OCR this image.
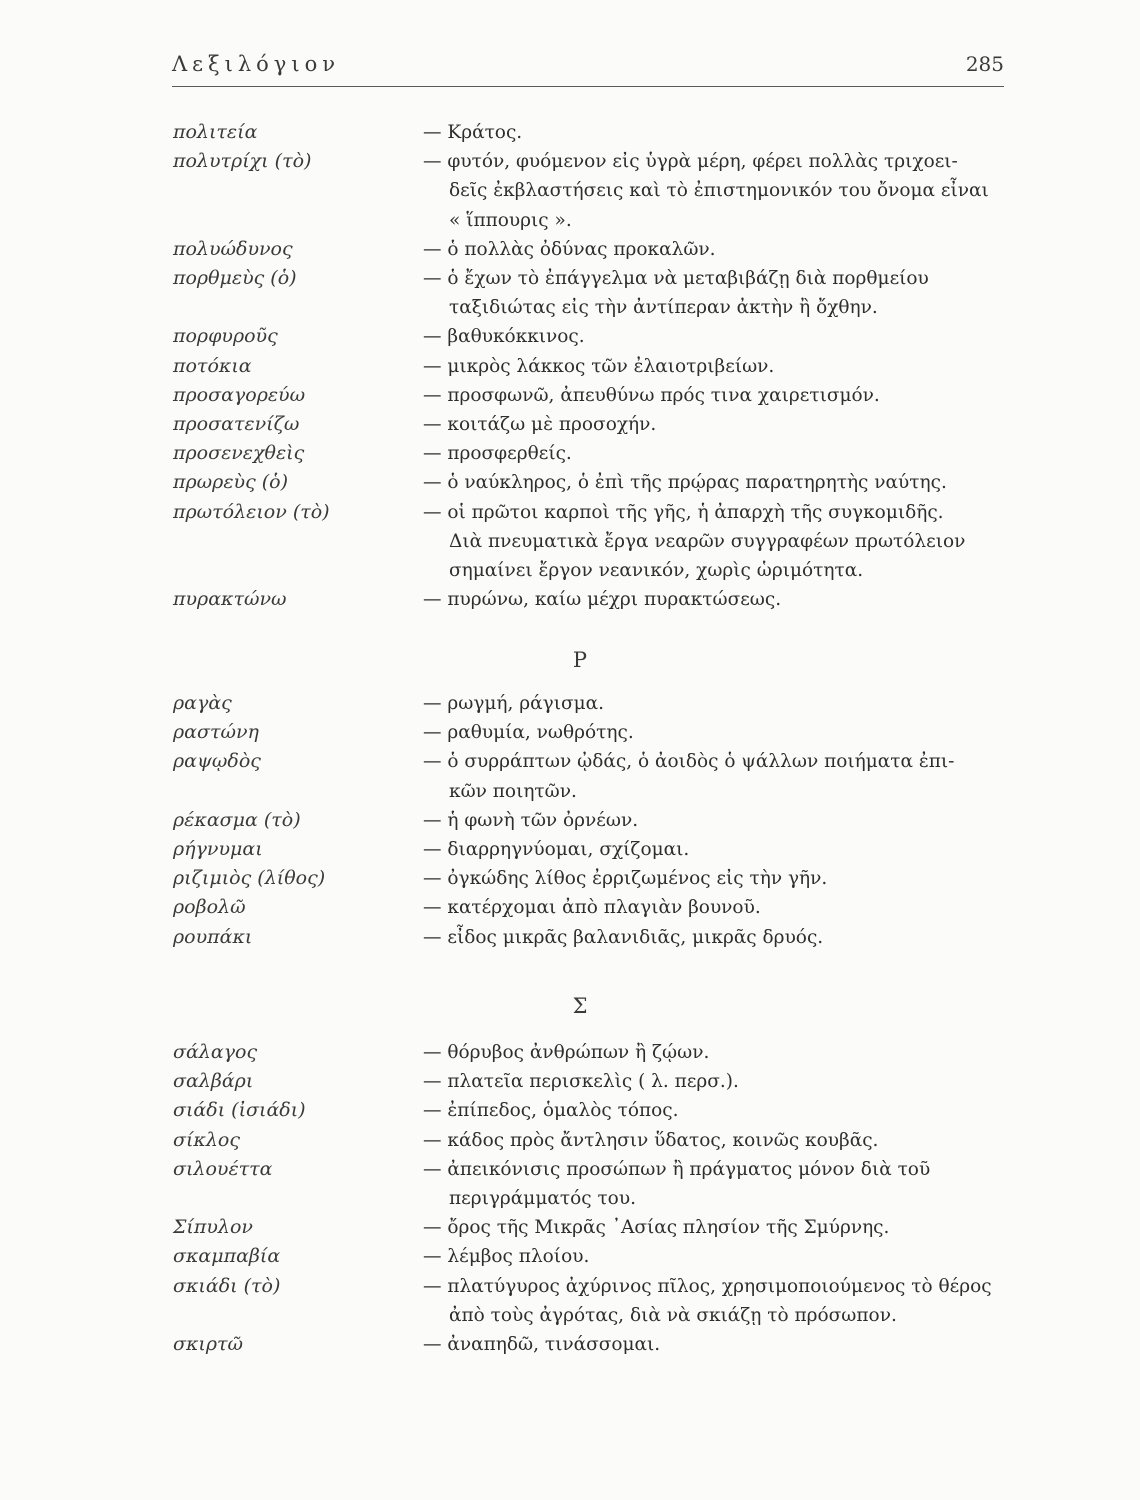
Λεξιλόγιον	285
πολιτεία	— Κράτος.
πολυτρίχι (τὸ)	— φυτόν, φυόμενον εἰς ὑγρὰ μέρη, φέρει πολλὰς τριχοει-
δεῖς ἐκβλαστήσεις καὶ τὸ ἐπιστημονικόν του ὄνομα εἶναι
« ἵππουρις ».
πολυώδυνος	— ὁ πολλὰς ὀδύνας προκαλῶν.
πορθμεὺς (ὁ)	— ὁ ἔχων τὸ ἐπάγγελμα νὰ μεταβιβάζῃ διὰ πορθμείου
ταξιδιώτας εἰς τὴν ἀντίπεραν ἀκτὴν ἢ ὄχθην.
πορφυροῦς	— βαθυκόκκινος.
ποτόκια	— μικρὸς λάκκος τῶν ἐλαιοτριβείων.
προσαγορεύω	— προσφωνῶ, ἀπευθύνω πρός τινα χαιρετισμόν.
προσατενίζω	— κοιτάζω μὲ προσοχήν.
προσενεχθεὶς	— προσφερθείς.
πρωρεὺς (ὁ)	— ὁ ναύκληρος, ὁ ἐπὶ τῆς πρῴρας παρατηρητὴς ναύτης.
πρωτόλειον (τὸ)	— οἱ πρῶτοι καρποὶ τῆς γῆς, ἡ ἀπαρχὴ τῆς συγκομιδῆς.
Διὰ πνευματικὰ ἔργα νεαρῶν συγγραφέων πρωτόλειον
σημαίνει ἔργον νεανικόν, χωρὶς ὡριμότητα.
πυρακτώνω	— πυρώνω, καίω μέχρι πυρακτώσεως.
Ρ
ραγὰς	— ρωγμή, ράγισμα.
ραστώνη	— ραθυμία, νωθρότης.
ραψῳδὸς	— ὁ συρράπτων ᾠδάς, ὁ ἀοιδὸς ὁ ψάλλων ποιήματα ἐπι-
κῶν ποιητῶν.
ρέκασμα (τὸ)	— ἡ φωνὴ τῶν ὀρνέων.
ρήγνυμαι	— διαρρηγνύομαι, σχίζομαι.
ριζιμιὸς (λίθος)	— ὀγκώδης λίθος ἐρριζωμένος εἰς τὴν γῆν.
ροβολῶ	— κατέρχομαι ἀπὸ πλαγιὰν βουνοῦ.
ρουπάκι	— εἶδος μικρᾶς βαλανιδιᾶς, μικρᾶς δρυός.
Σ
σάλαγος	— θόρυβος ἀνθρώπων ἢ ζῴων.
σαλβάρι	— πλατεῖα περισκελὶς ( λ. περσ.).
σιάδι (ἰσιάδι)	— ἐπίπεδος, ὁμαλὸς τόπος.
σίκλος	— κάδος πρὸς ἄντλησιν ὕδατος, κοινῶς κουβᾶς.
σιλουέττα	— ἀπεικόνισις προσώπων ἢ πράγματος μόνον διὰ τοῦ
περιγράμματός του.
Σίπυλον	— ὄρος τῆς Μικρᾶς ᾿Ασίας πλησίον τῆς Σμύρνης.
σκαμπαβία	— λέμβος πλοίου.
σκιάδι (τὸ)	— πλατύγυρος ἀχύρινος πῖλος, χρησιμοποιούμενος τὸ θέρος
ἀπὸ τοὺς ἀγρότας, διὰ νὰ σκιάζῃ τὸ πρόσωπον.
σκιρτῶ	— ἀναπηδῶ, τινάσσομαι.
